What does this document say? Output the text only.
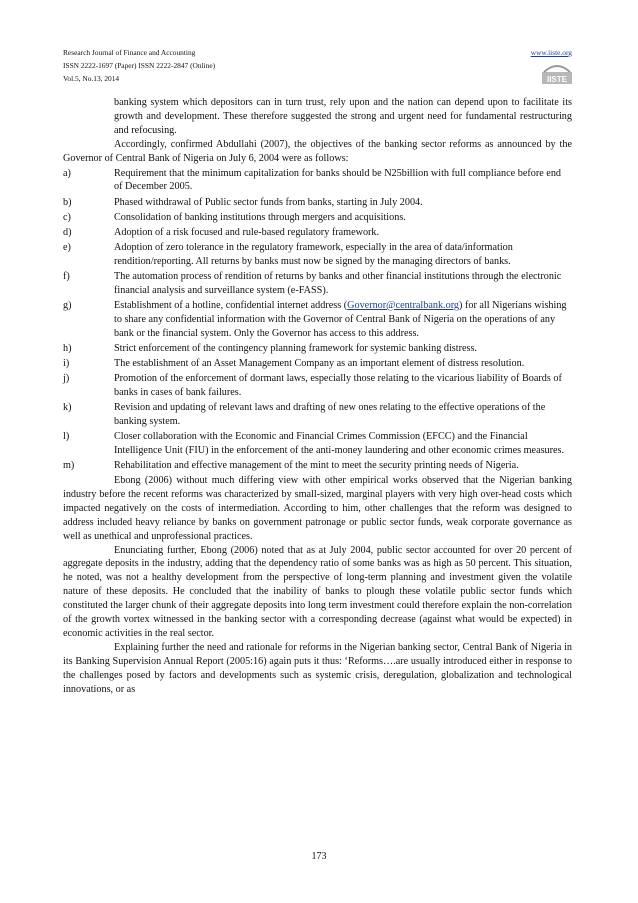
Research Journal of Finance and Accounting
ISSN 2222-1697 (Paper) ISSN 2222-2847 (Online)
Vol.5, No.13, 2014
www.iiste.org
IISTE

banking system which depositors can in turn trust, rely upon and the nation can depend upon to facilitate its growth and development. These therefore suggested the strong and urgent need for fundamental restructuring and refocusing.

Accordingly, confirmed Abdullahi (2007), the objectives of the banking sector reforms as announced by the Governor of Central Bank of Nigeria on July 6, 2004 were as follows:

a)	Requirement that the minimum capitalization for banks should be N25billion with full compliance before end of December 2005.
b)	Phased withdrawal of Public sector funds from banks, starting in July 2004.
c)	Consolidation of banking institutions through mergers and acquisitions.
d)	Adoption of a risk focused and rule-based regulatory framework.
e)	Adoption of zero tolerance in the regulatory framework, especially in the area of data/information rendition/reporting. All returns by banks must now be signed by the managing directors of banks.
f)	The automation process of rendition of returns by banks and other financial institutions through the electronic financial analysis and surveillance system (e-FASS).
g)	Establishment of a hotline, confidential internet address (Governor@centralbank.org) for all Nigerians wishing to share any confidential information with the Governor of Central Bank of Nigeria on the operations of any bank or the financial system. Only the Governor has access to this address.
h)	Strict enforcement of the contingency planning framework for systemic banking distress.
i)	The establishment of an Asset Management Company as an important element of distress resolution.
j)	Promotion of the enforcement of dormant laws, especially those relating to the vicarious liability of Boards of banks in cases of bank failures.
k)	Revision and updating of relevant laws and drafting of new ones relating to the effective operations of the banking system.
l)	Closer collaboration with the Economic and Financial Crimes Commission (EFCC) and the Financial Intelligence Unit (FIU) in the enforcement of the anti-money laundering and other economic crimes measures.
m)	Rehabilitation and effective management of the mint to meet the security printing needs of Nigeria.

Ebong (2006) without much differing view with other empirical works observed that the Nigerian banking industry before the recent reforms was characterized by small-sized, marginal players with very high over-head costs which impacted negatively on the costs of intermediation. According to him, other challenges that the reform was designed to address included heavy reliance by banks on government patronage or public sector funds, weak corporate governance as well as unethical and unprofessional practices.

Enunciating further, Ebong (2006) noted that as at July 2004, public sector accounted for over 20 percent of aggregate deposits in the industry, adding that the dependency ratio of some banks was as high as 50 percent. This situation, he noted, was not a healthy development from the perspective of long-term planning and investment given the volatile nature of these deposits. He concluded that the inability of banks to plough these volatile public sector funds which constituted the larger chunk of their aggregate deposits into long term investment could therefore explain the non-correlation of the growth vortex witnessed in the banking sector with a corresponding decrease (against what would be expected) in economic activities in the real sector.

Explaining further the need and rationale for reforms in the Nigerian banking sector, Central Bank of Nigeria in its Banking Supervision Annual Report (2005:16) again puts it thus: ‘Reforms….are usually introduced either in response to the challenges posed by factors and developments such as systemic crisis, deregulation, globalization and technological innovations, or as

173
